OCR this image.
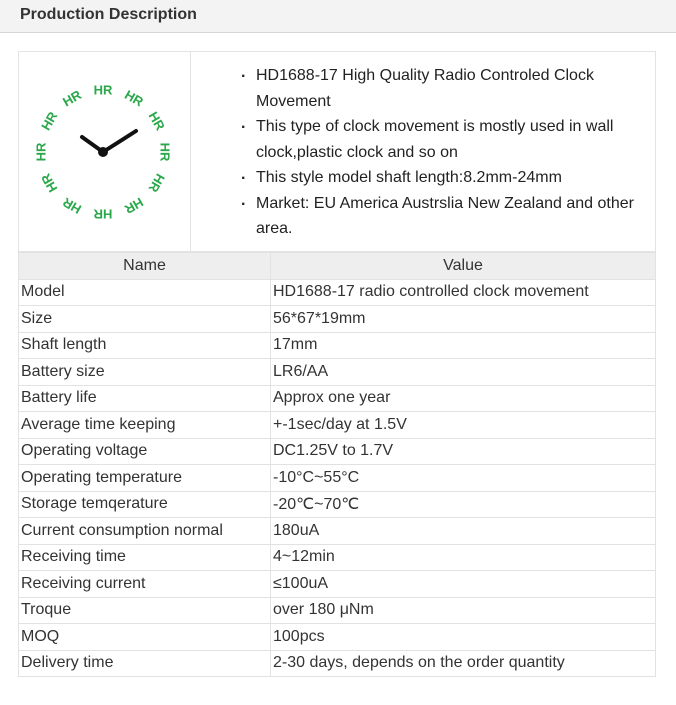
Production Description
HR HR
HR
HR
HR
HR
HR
HR
HR
HR
HR
HR
. HD1688-17 High Quality Radio Controled Clock Movement
. This type of clock movement is mostly used in wall clock,plastic clock and so on
. This style model shaft length:8.2mm-24mm
. Market: EU America Austrslia New Zealand and other area.
Name	Value
Model	HD1688-17 radio controlled clock movement
Size	56*67*19mm
Shaft length	17mm
Battery size	LR6/AA
Battery life	Approx one year
Average time keeping	+-1sec/day at 1.5V
Operating voltage	DC1.25V to 1.7V
Operating temperature	-10°C~55°C
Storage temqerature	-20℃~70℃
Current consumption normal	180uA
Receiving time	4~12min
Receiving current	≤100uA
Troque	over 180 μNm
MOQ	100pcs
Delivery time	2-30 days, depends on the order quantity
